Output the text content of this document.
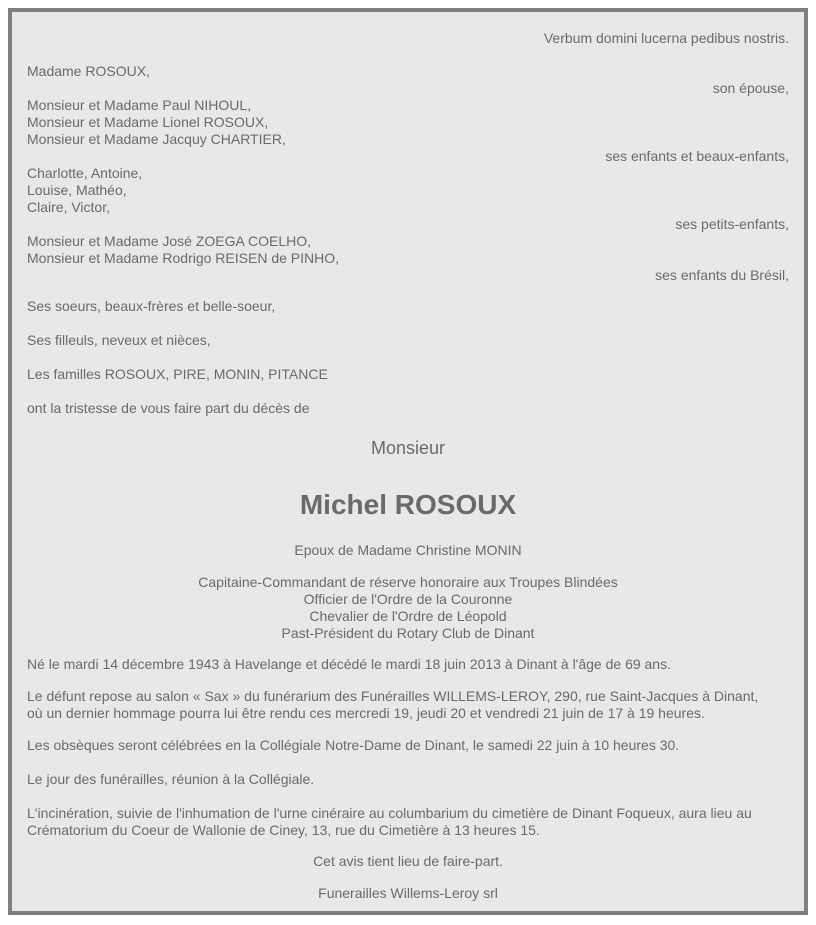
Verbum domini lucerna pedibus nostris.
Madame ROSOUX,
son épouse,
Monsieur et Madame Paul NIHOUL,
Monsieur et Madame Lionel ROSOUX,
Monsieur et Madame Jacquy CHARTIER,
ses enfants et beaux-enfants,
Charlotte, Antoine,
Louise, Mathéo,
Claire, Victor,
ses petits-enfants,
Monsieur et Madame José ZOEGA COELHO,
Monsieur et Madame Rodrigo REISEN de PINHO,
ses enfants du Brésil,
Ses soeurs, beaux-frères et belle-soeur,
Ses filleuls, neveux et nièces,
Les familles ROSOUX, PIRE, MONIN, PITANCE
ont la tristesse de vous faire part du décès de
Monsieur
Michel ROSOUX
Epoux de Madame Christine MONIN
Capitaine-Commandant de réserve honoraire aux Troupes Blindées
Officier de l'Ordre de la Couronne
Chevalier de l'Ordre de Léopold
Past-Président du Rotary Club de Dinant
Né le mardi 14 décembre 1943 à Havelange et décédé le mardi 18 juin 2013 à Dinant à l'âge de 69 ans.
Le défunt repose au salon « Sax » du funérarium des Funérailles WILLEMS-LEROY, 290, rue Saint-Jacques à Dinant,
où un dernier hommage pourra lui être rendu ces mercredi 19, jeudi 20 et vendredi 21 juin de 17 à 19 heures.
Les obsèques seront célébrées en la Collégiale Notre-Dame de Dinant, le samedi 22 juin à 10 heures 30.
Le jour des funérailles, réunion à la Collégiale.
L'incinération, suivie de l'inhumation de l'urne cinéraire au columbarium du cimetière de Dinant Foqueux, aura lieu au
Crématorium du Coeur de Wallonie de Ciney, 13, rue du Cimetière à 13 heures 15.
Cet avis tient lieu de faire-part.
Funerailles Willems-Leroy srl
